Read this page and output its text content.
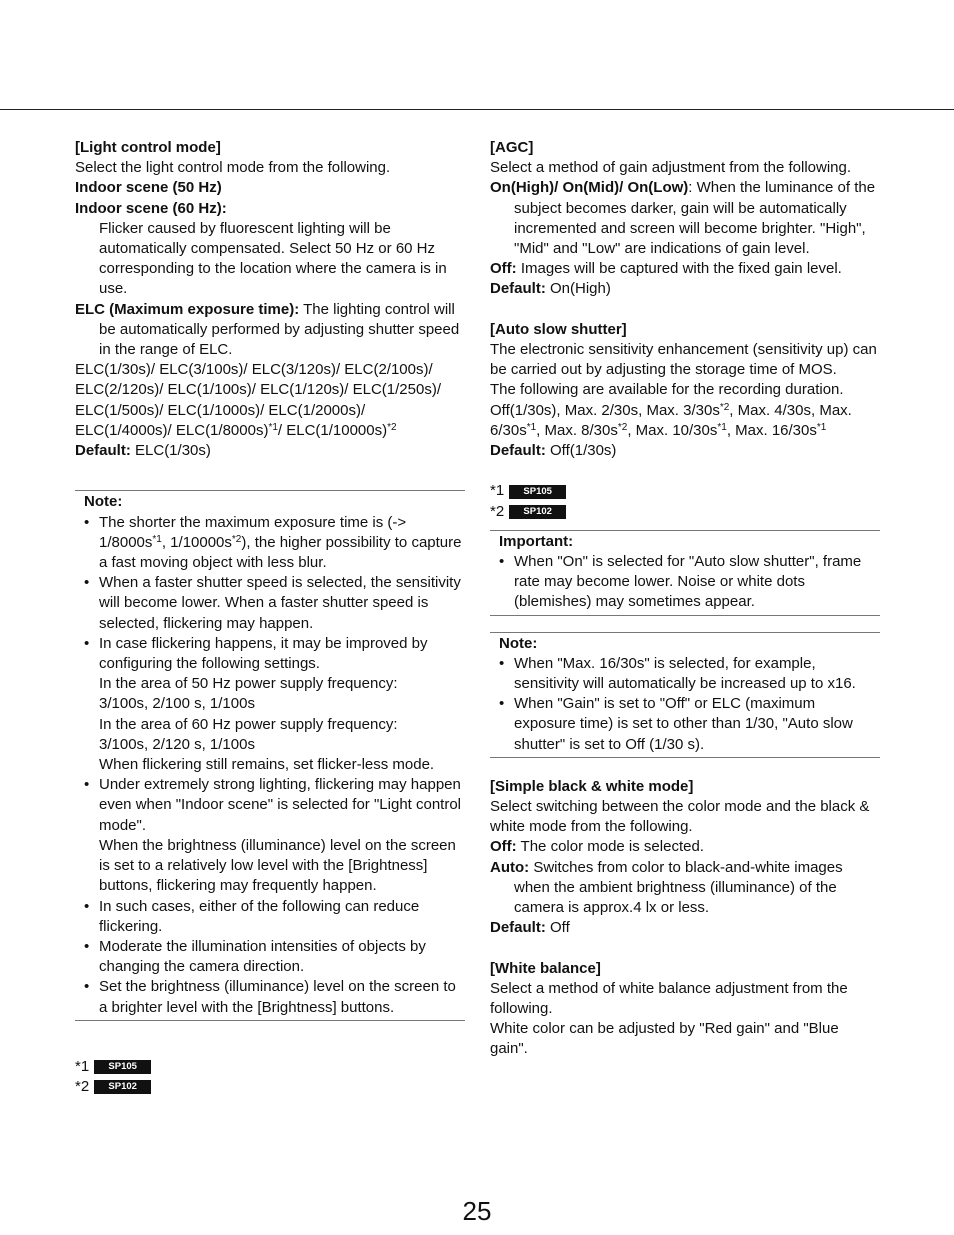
[Light control mode]

Select the light control mode from the following.

Indoor scene (50 Hz)

Indoor scene (60 Hz):

Flicker caused by fluorescent lighting will be automatically compensated. Select 50 Hz or 60 Hz corresponding to the location where the camera is in use.

ELC (Maximum exposure time): The lighting control will be automatically performed by adjusting shutter speed in the range of ELC.

ELC(1/30s)/ ELC(3/100s)/ ELC(3/120s)/ ELC(2/100s)/ ELC(2/120s)/ ELC(1/100s)/ ELC(1/120s)/ ELC(1/250s)/ ELC(1/500s)/ ELC(1/1000s)/ ELC(1/2000s)/ ELC(1/4000s)/ $ELC(1/8000s)^{*1}/$ $ELC(1/10000s)^{*2}$

Default: ELC(1/30s)

Note:

• The shorter the maximum exposure time is (-> $1/8000s^{*1}$, $1/10000s^{*2}$), the higher possibility to capture a fast moving object with less blur.
• When a faster shutter speed is selected, the sensitivity will become lower. When a faster shutter speed is selected, flickering may happen.
• In case flickering happens, it may be improved by configuring the following settings.
In the area of 50 Hz power supply frequency:
3/100s, 2/100 s, 1/100s
In the area of 60 Hz power supply frequency:
3/100s, 2/120 s, 1/100s
When flickering still remains, set flicker-less mode.
• Under extremely strong lighting, flickering may happen even when "Indoor scene" is selected for "Light control mode".
When the brightness (illuminance) level on the screen is set to a relatively low level with the [Brightness] buttons, flickering may frequently happen.
• In such cases, either of the following can reduce flickering.
• Moderate the illumination intensities of objects by changing the camera direction.
• Set the brightness (illuminance) level on the screen to a brighter level with the [Brightness] buttons.
*1	SP105
*2	SP102

[AGC]

Select a method of gain adjustment from the following.

On(High)/ On(Mid)/ On(Low): When the luminance of the subject becomes darker, gain will be automatically incremented and screen will become brighter. "High", "Mid" and "Low" are indications of gain level.

Off: Images will be captured with the fixed gain level.

Default: On(High)

[Auto slow shutter]

The electronic sensitivity enhancement (sensitivity up) can be carried out by adjusting the storage time of MOS.

The following are available for the recording duration. Off(1/30s), Max. 2/30s, Max. $3/30s^{*2}$, Max. 4/30s, Max. $6/30s^{*1}$, Max. $8/30s^{*2}$, Max. $10/30s^{*1}$, Max. $16/30s^{*1}$

Default: Off(1/30s)

*1	SP105
*2	SP102

Important:

• When "On" is selected for "Auto slow shutter", frame rate may become lower. Noise or white dots (blemishes) may sometimes appear.

Note:

• When "Max. 16/30s" is selected, for example, sensitivity will automatically be increased up to x16.
• When "Gain" is set to "Off" or ELC (maximum exposure time) is set to other than 1/30, "Auto slow shutter" is set to Off (1/30 s).

[Simple black & white mode]

Select switching between the color mode and the black & white mode from the following.

Off: The color mode is selected.

Auto: Switches from color to black-and-white images when the ambient brightness (illuminance) of the camera is approx.4 lx or less.

Default: Off

[White balance]

Select a method of white balance adjustment from the following.

White color can be adjusted by "Red gain" and "Blue gain".

25
